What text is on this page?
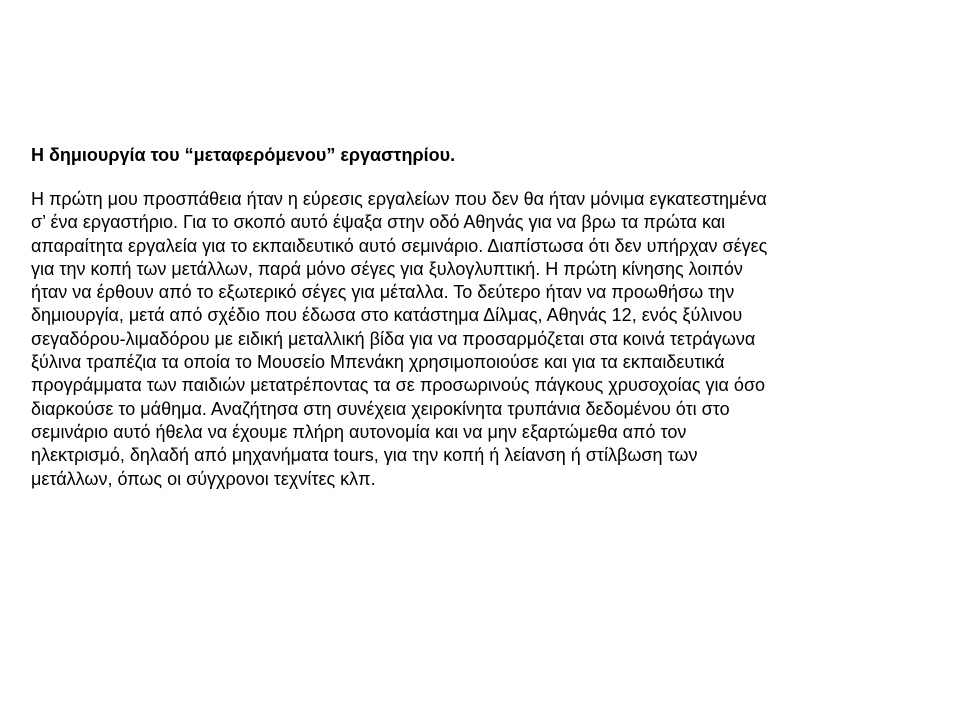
Η δημιουργία του “μεταφερόμενου” εργαστηρίου.

Η πρώτη μου προσπάθεια ήταν η εύρεσις εργαλείων που δεν θα ήταν μόνιμα εγκατεστημένα

σ’ ένα εργαστήριο. Για το σκοπό αυτό έψαξα στην οδό Αθηνάς για να βρω τα πρώτα και

απαραίτητα εργαλεία για το εκπαιδευτικό αυτό σεμινάριο. Διαπίστωσα ότι δεν υπήρχαν σέγες

για την κοπή των μετάλλων, παρά μόνο σέγες για ξυλογλυπτική. Η πρώτη κίνησης λοιπόν

ήταν να έρθουν από το εξωτερικό σέγες για μέταλλα. Το δεύτερο ήταν να προωθήσω την

δημιουργία, μετά από σχέδιο που έδωσα στο κατάστημα Δίλμας, Αθηνάς 12, ενός ξύλινου

σεγαδόρου-λιμαδόρου με ειδική μεταλλική βίδα για να προσαρμόζεται στα κοινά τετράγωνα

ξύλινα τραπέζια τα οποία το Μουσείο Μπενάκη χρησιμοποιούσε και για τα εκπαιδευτικά

προγράμματα των παιδιών μετατρέποντας τα σε προσωρινούς πάγκους χρυσοχοίας για όσο

διαρκούσε το μάθημα. Αναζήτησα στη συνέχεια χειροκίνητα τρυπάνια δεδομένου ότι στο

σεμινάριο αυτό ήθελα να έχουμε πλήρη αυτονομία και να μην εξαρτώμεθα από τον

ηλεκτρισμό, δηλαδή από μηχανήματα tours, για την κοπή ή λείανση ή στίλβωση των

μετάλλων, όπως οι σύγχρονοι τεχνίτες κλπ.
